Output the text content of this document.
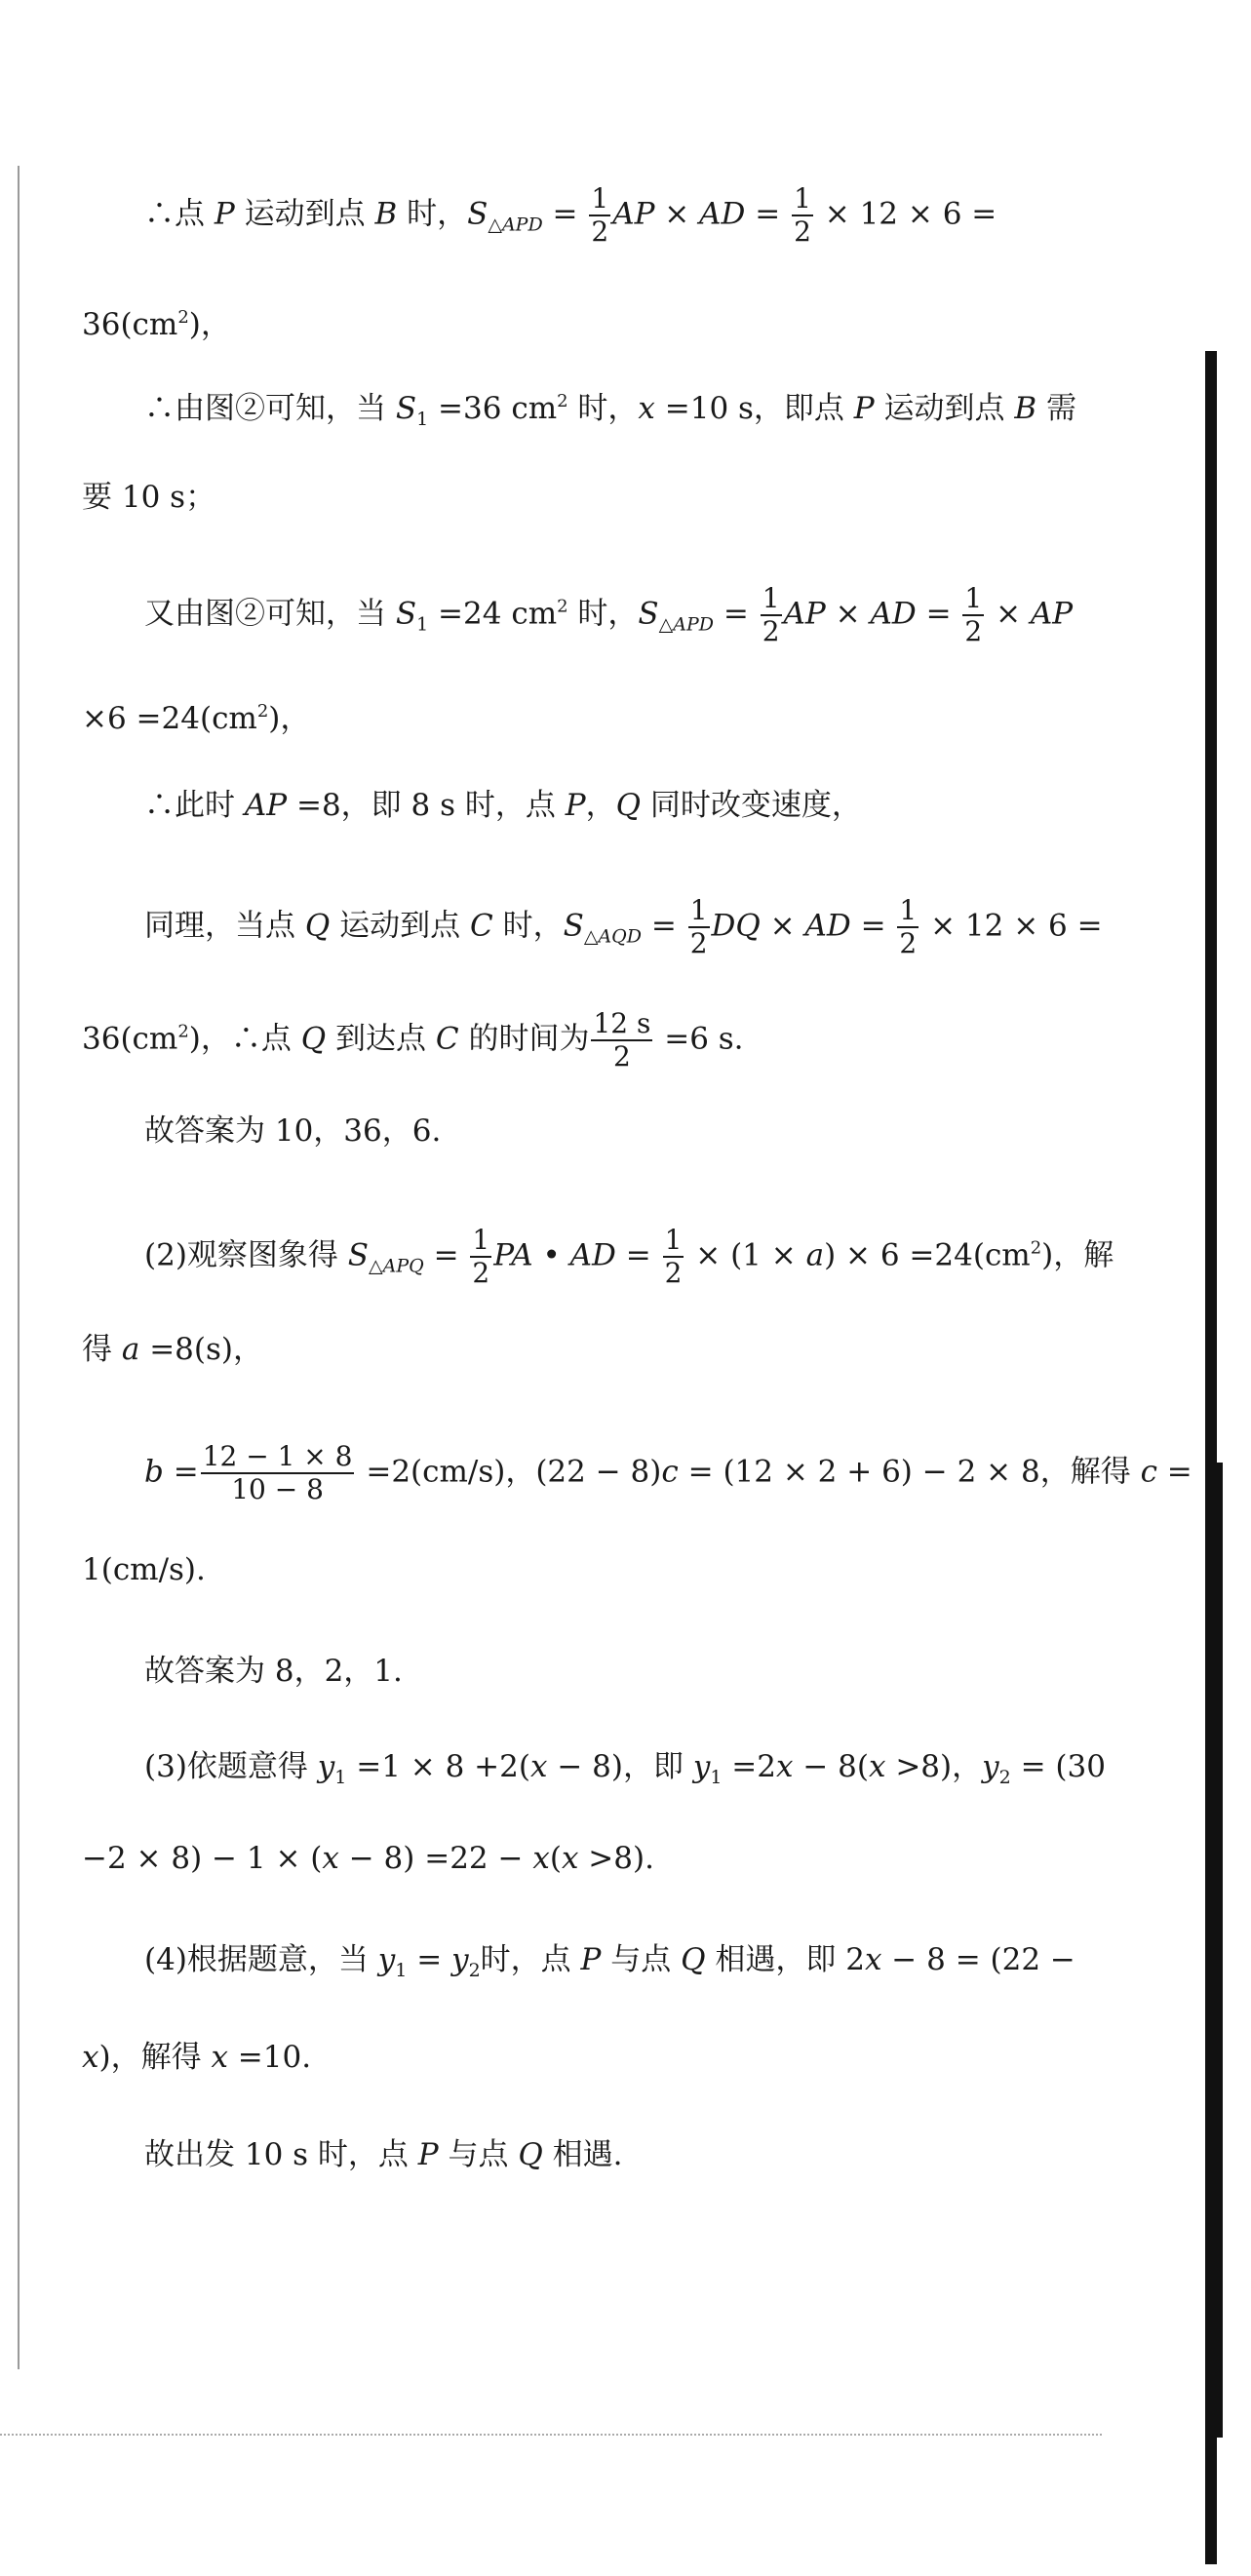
∴点 P 运动到点 B 时，$S_{\triangle APD} = \frac{1}{2}$ AP × AD = $\frac{1}{2} \times 12 \times 6$ =
$36(cm^2)$，
∴由图②可知，当 $S_1 =36$ $cm^2$ 时，x =10 s，即点 P 运动到点 B 需
要 10 s；
又由图②可知，当 $S_1 =24$ $cm^2$ 时，$S_{\triangle APD} = \frac{1}{2}$ AP × AD = $\frac{1}{2}$ × AP
$\times 6 =24(cm^2)$，
∴此时 AP =8，即 8 s 时，点 P，Q 同时改变速度，
同理，当点 Q 运动到点 C 时，$S_{\triangle AQD} = \frac{1}{2}$ DQ × AD = $\frac{1}{2} \times 12 \times 6$ =
$36(cm^2)$，∴点 Q 到达点 C 的时间为 $\frac{12 s}{2} =6$ s.
故答案为 10，36，6.
(2)观察图象得 $S_{\triangle APQ} = \frac{1}{2}$ PA • AD = $\frac{1}{2} \times (1 \times a) \times 6 =24(cm^2)$，解
得 a =8(s)，
$b = \frac{12 - 1 \times 8}{10 - 8} =2(cm/s)$，(22 − 8)c = (12 × 2 + 6) − 2 × 8，解得 c =
1(cm/s).
故答案为 8，2，1.
(3)依题意得 $y_1 =1 \times 8 +2(x - 8)$，即 $y_1 =2x - 8(x >8)$，$y_2 = (30$
−2 × 8) − 1 × (x − 8) =22 − x(x >8).
(4)根据题意，当 $y_1 = y_2$时，点 P 与点 Q 相遇，即 2x − 8 = (22 −
x)，解得 x =10.
故出发 10 s 时，点 P 与点 Q 相遇.
